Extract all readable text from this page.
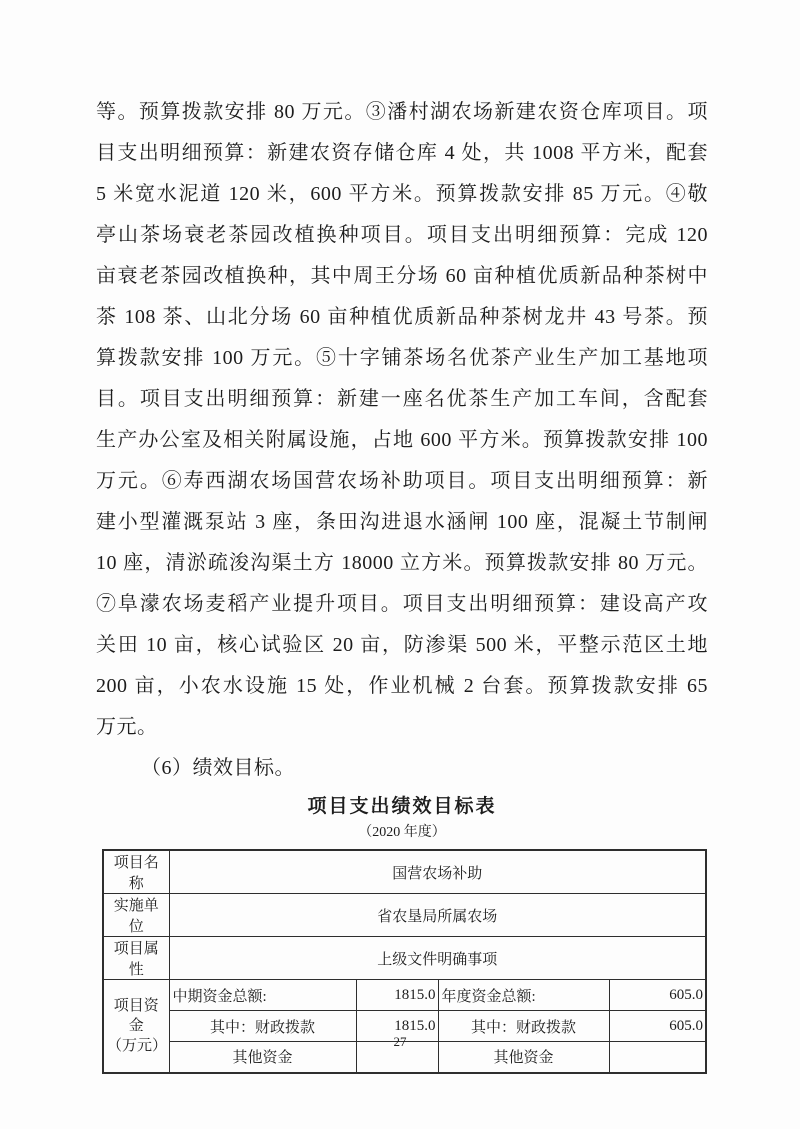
等。预算拨款安排 80 万元。③潘村湖农场新建农资仓库项目。项
目支出明细预算：新建农资存储仓库 4 处，共 1008 平方米，配套
5 米宽水泥道 120 米，600 平方米。预算拨款安排 85 万元。④敬
亭山茶场衰老茶园改植换种项目。项目支出明细预算：完成 120
亩衰老茶园改植换种，其中周王分场 60 亩种植优质新品种茶树中
茶 108 茶、山北分场 60 亩种植优质新品种茶树龙井 43 号茶。预
算拨款安排 100 万元。⑤十字铺茶场名优茶产业生产加工基地项
目。项目支出明细预算：新建一座名优茶生产加工车间，含配套
生产办公室及相关附属设施，占地 600 平方米。预算拨款安排 100
万元。⑥寿西湖农场国营农场补助项目。项目支出明细预算：新
建小型灌溉泵站 3 座，条田沟进退水涵闸 100 座，混凝土节制闸
10 座，清淤疏浚沟渠土方 18000 立方米。预算拨款安排 80 万元。
⑦阜濛农场麦稻产业提升项目。项目支出明细预算：建设高产攻
关田 10 亩，核心试验区 20 亩，防渗渠 500 米，平整示范区土地
200 亩，小农水设施 15 处，作业机械 2 台套。预算拨款安排 65
万元。
（6）绩效目标。
项目支出绩效目标表
（2020 年度）
项目名称	国营农场补助			
实施单位	省农垦局所属农场			
项目属性	上级文件明确事项			

项目资金
（万元）	中期资金总额:	1815.0	年度资金总额:	605.0
	其中：财政拨款	1815.0	其中：财政拨款	605.0
	其他资金		其他资金	
27
